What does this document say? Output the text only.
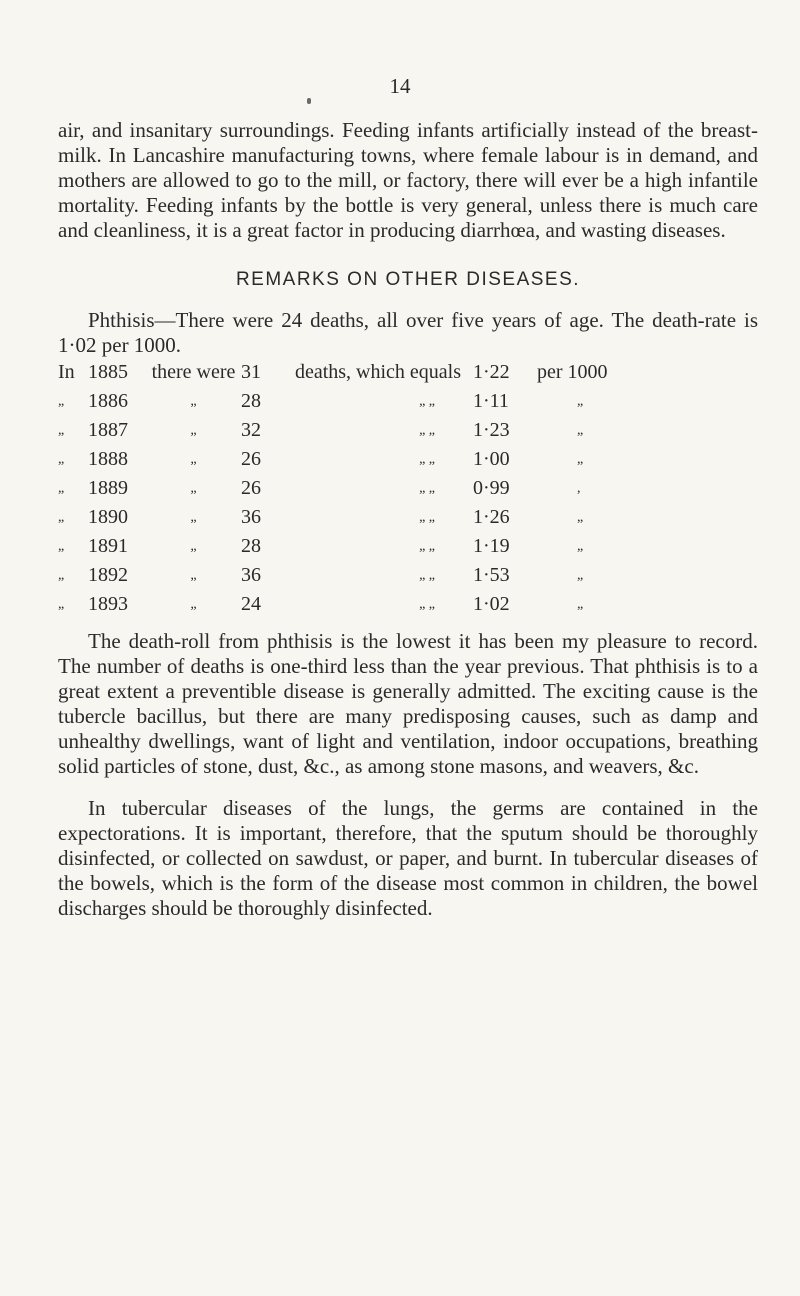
14

air, and insanitary surroundings. Feeding infants artificially instead of the breast-milk. In Lancashire manufacturing towns, where female labour is in demand, and mothers are allowed to go to the mill, or factory, there will ever be a high infantile mortality. Feeding infants by the bottle is very general, unless there is much care and cleanliness, it is a great factor in producing diarrhœa, and wasting diseases.

REMARKS ON OTHER DISEASES.

Phthisis—There were 24 deaths, all over five years of age. The death-rate is 1·02 per 1000.

In	1885	there were	31	deaths, which equals	1·22	per 1000
„	1886	„	28	„ „	1·11	„
„	1887	„	32	„ „	1·23	„
„	1888	„	26	„ „	1·00	„
„	1889	„	26	„ „	0·99	,
„	1890	„	36	„ „	1·26	„
„	1891	„	28	„ „	1·19	„
„	1892	„	36	„ „	1·53	„
„	1893	„	24	„ „	1·02	„

The death-roll from phthisis is the lowest it has been my pleasure to record. The number of deaths is one-third less than the year previous. That phthisis is to a great extent a preventible disease is generally admitted. The exciting cause is the tubercle bacillus, but there are many predisposing causes, such as damp and unhealthy dwellings, want of light and ventilation, indoor occupations, breathing solid particles of stone, dust, &c., as among stone masons, and weavers, &c.

In tubercular diseases of the lungs, the germs are contained in the expectorations. It is important, therefore, that the sputum should be thoroughly disinfected, or collected on sawdust, or paper, and burnt. In tubercular diseases of the bowels, which is the form of the disease most common in children, the bowel discharges should be thoroughly disinfected.
